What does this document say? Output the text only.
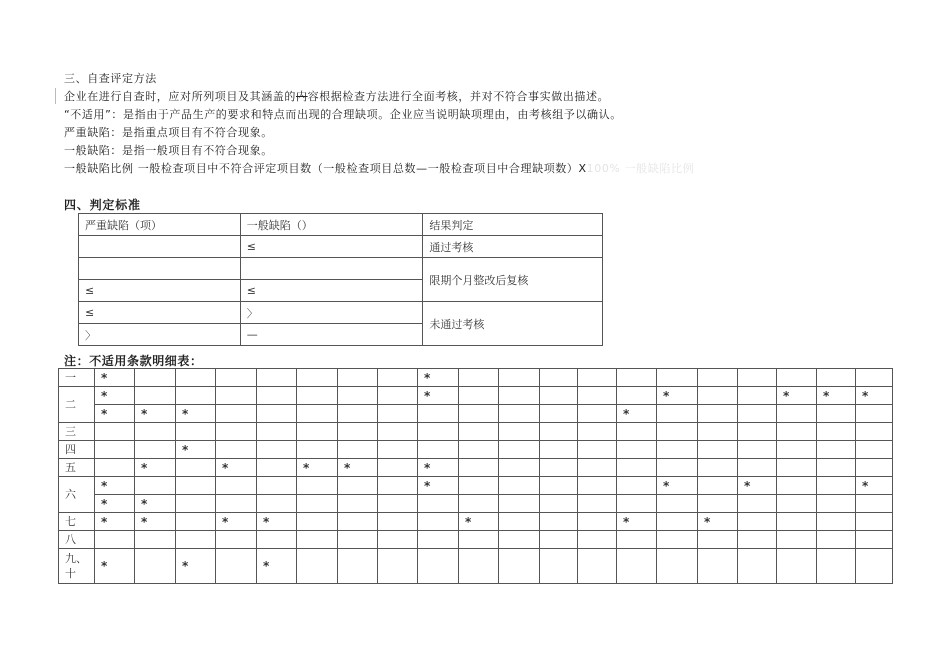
三、自查评定方法
企业在进行自查时，应对所列项目及其涵盖的内容根据检查方法进行全面考核，并对不符合事实做出描述。
“不适用”：是指由于产品生产的要求和特点而出现的合理缺项。企业应当说明缺项理由，由考核组予以确认。
严重缺陷：是指重点项目有不符合现象。
一般缺陷：是指一般项目有不符合现象。
一般缺陷比例 一般检查项目中不符合评定项目数（一般检查项目总数—一般检查项目中合理缺项数）X100% 一般缺陷比例
四、判定标准
严重缺陷（项）	一般缺陷（）	结果判定
	≤	通过考核
		限期个月整改后复核
≤	≤	
≤	〉	未通过考核
〉	—	
注：不适用条款明细表：
一	*								*											
二	*								*						*			*	*	*
	*	*	*											*						
三																				
四			*																	
五		*		*		*	*		*											
六	*								*						*		*			*
	*	*																		
七	*	*		*	*					*				*		*				
八																				
九、
十	*		*		*															
